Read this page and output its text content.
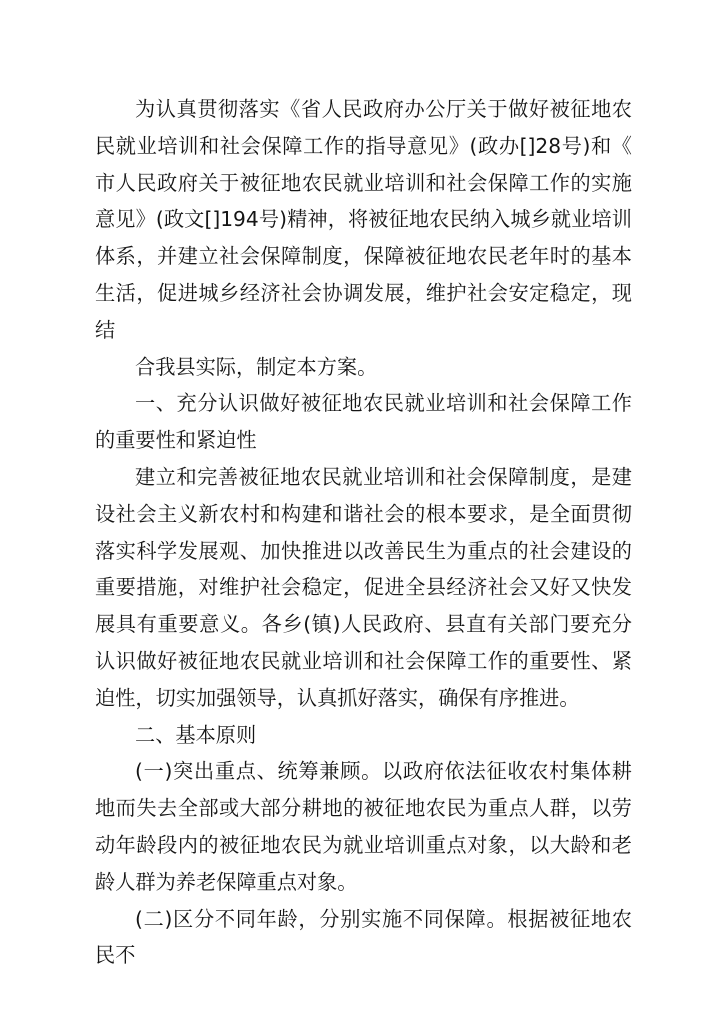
为认真贯彻落实《省人民政府办公厅关于做好被征地农民就业培训和社会保障工作的指导意见》(政办[]28号)和《市人民政府关于被征地农民就业培训和社会保障工作的实施意见》(政文[]194号)精神，将被征地农民纳入城乡就业培训体系，并建立社会保障制度，保障被征地农民老年时的基本生活，促进城乡经济社会协调发展，维护社会安定稳定，现结

合我县实际，制定本方案。

一、充分认识做好被征地农民就业培训和社会保障工作的重要性和紧迫性

建立和完善被征地农民就业培训和社会保障制度，是建设社会主义新农村和构建和谐社会的根本要求，是全面贯彻落实科学发展观、加快推进以改善民生为重点的社会建设的重要措施，对维护社会稳定，促进全县经济社会又好又快发展具有重要意义。各乡(镇)人民政府、县直有关部门要充分认识做好被征地农民就业培训和社会保障工作的重要性、紧迫性，切实加强领导，认真抓好落实，确保有序推进。

二、基本原则

(一)突出重点、统筹兼顾。以政府依法征收农村集体耕地而失去全部或大部分耕地的被征地农民为重点人群，以劳动年龄段内的被征地农民为就业培训重点对象，以大龄和老龄人群为养老保障重点对象。

(二)区分不同年龄，分别实施不同保障。根据被征地农民不
